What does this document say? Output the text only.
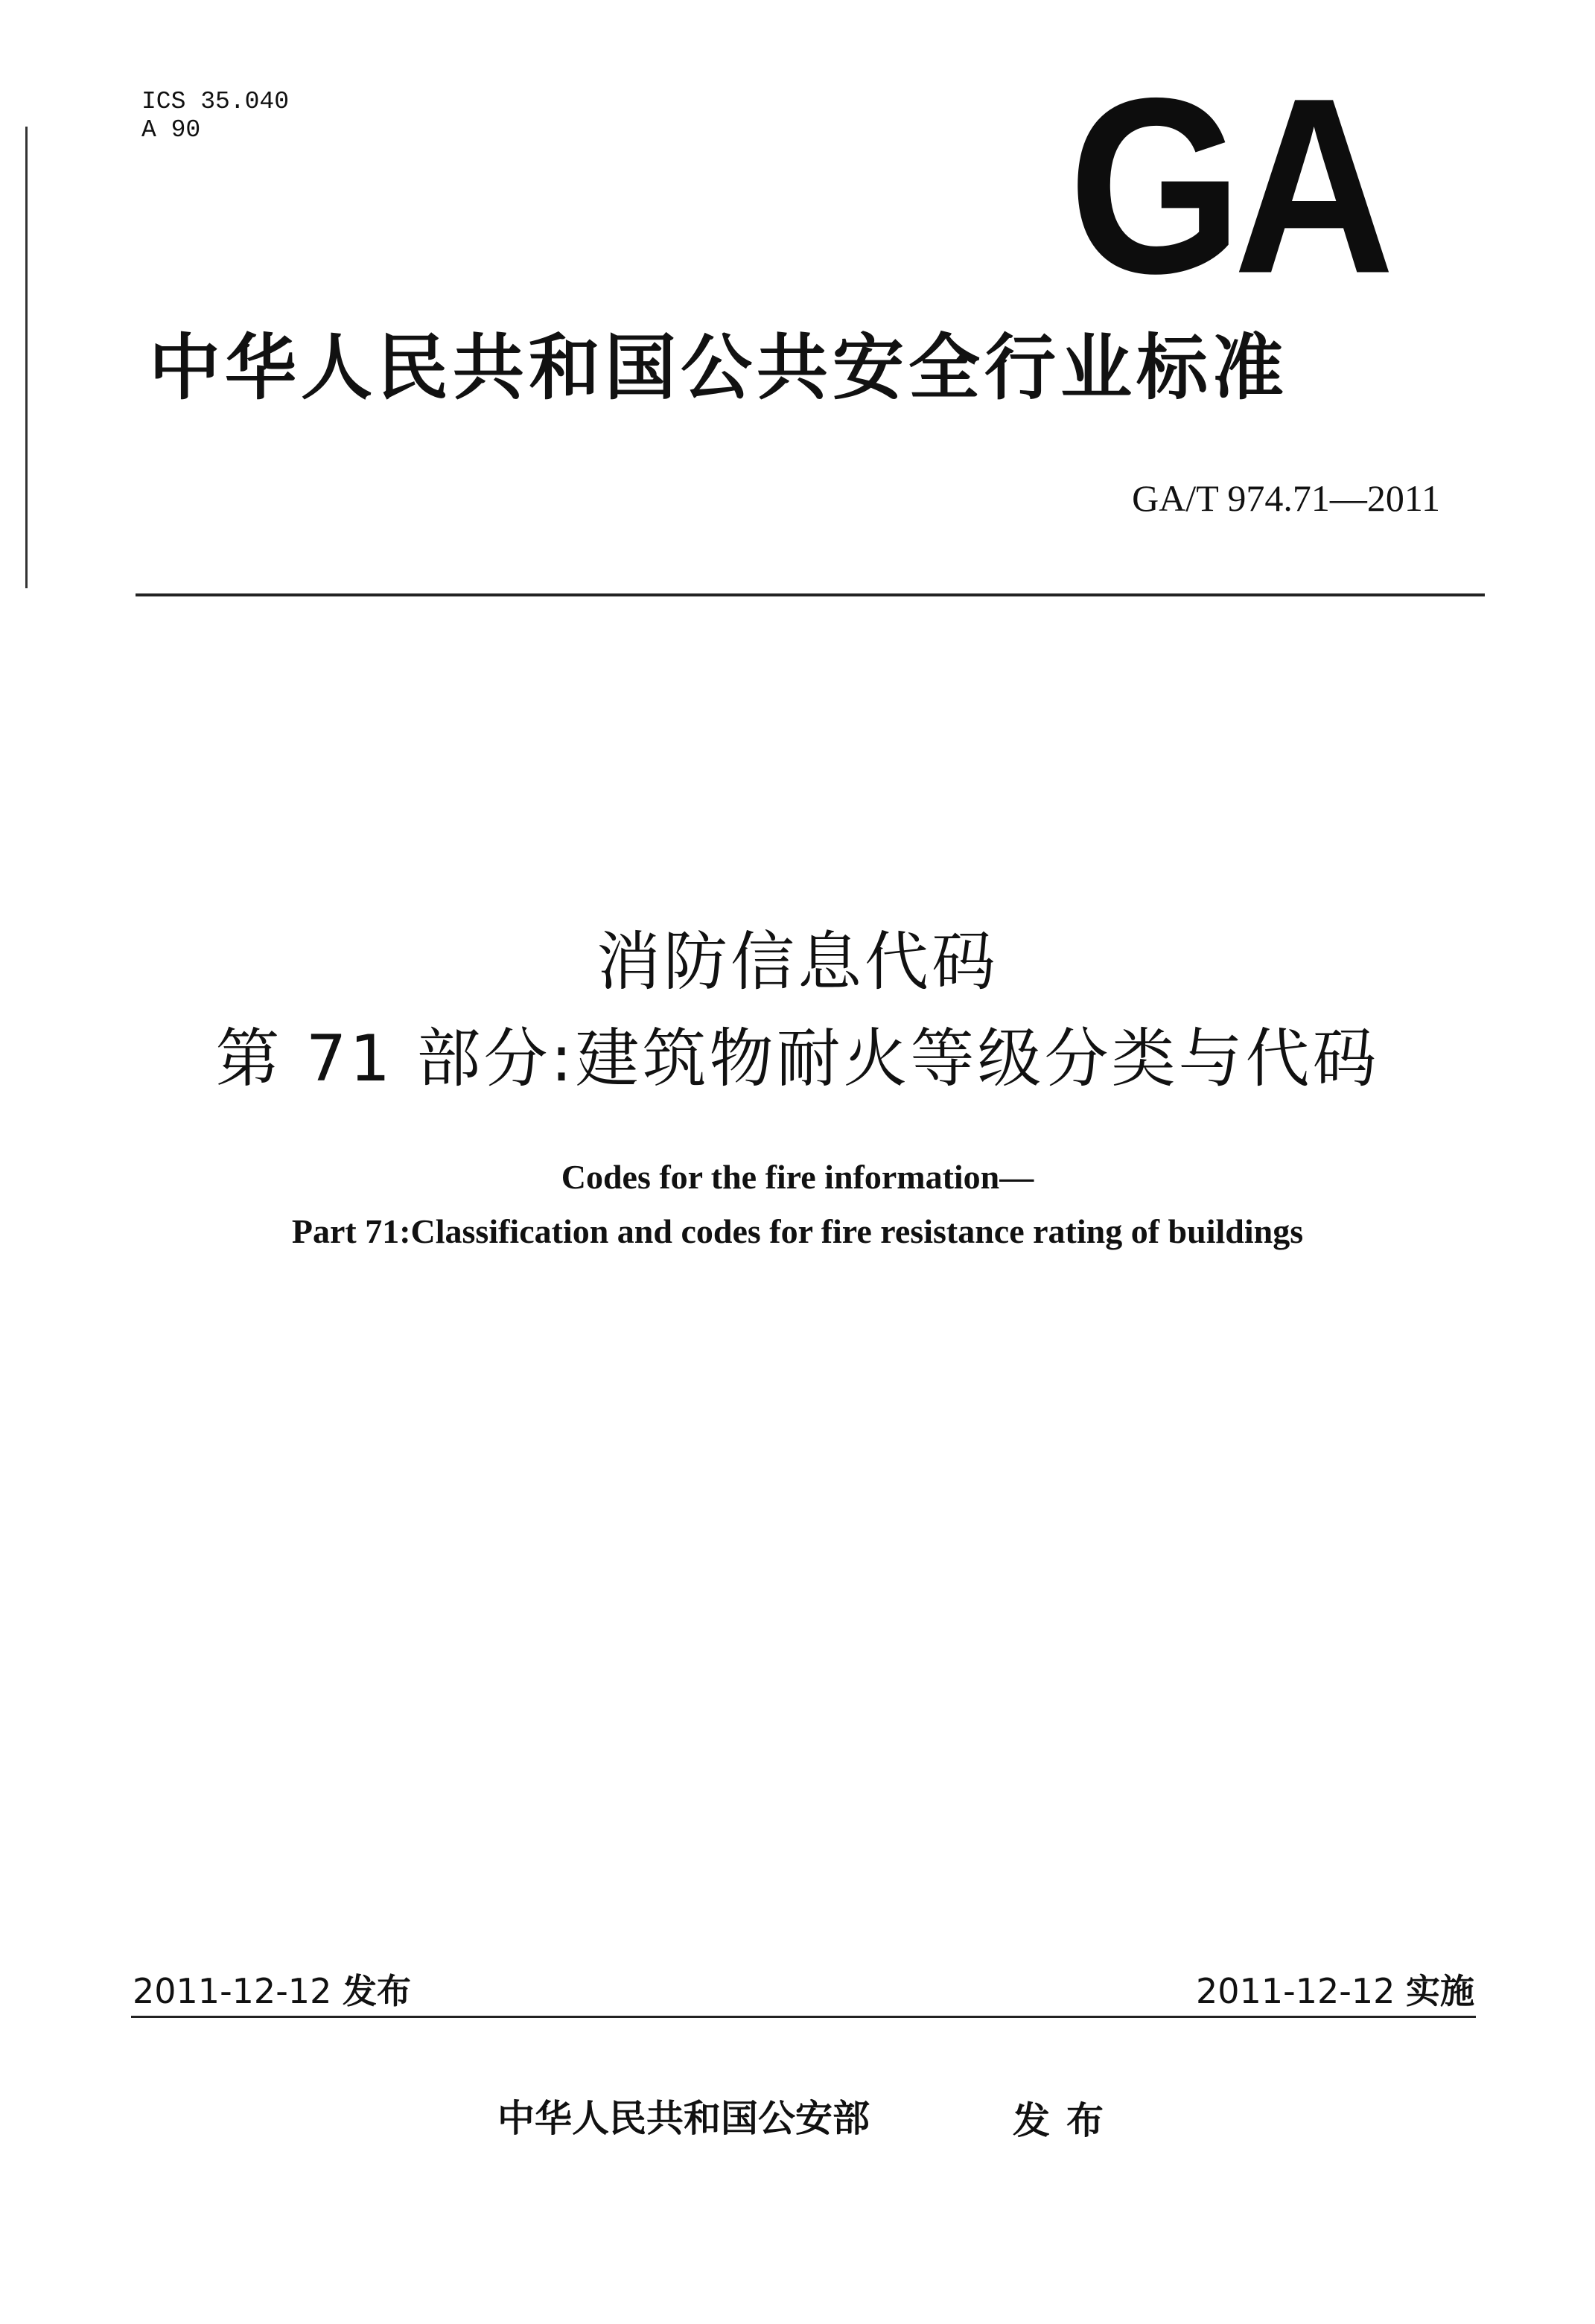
ICS 35.040
A 90	GA
中华人民共和国公共安全行业标准
GA/T 974.71—2011
消防信息代码
第 71 部分:建筑物耐火等级分类与代码
Codes for the fire information—
Part 71:Classification and codes for fire resistance rating of buildings
2011-12-12 发布	2011-12-12 实施
中华人民共和国公安部	发布
